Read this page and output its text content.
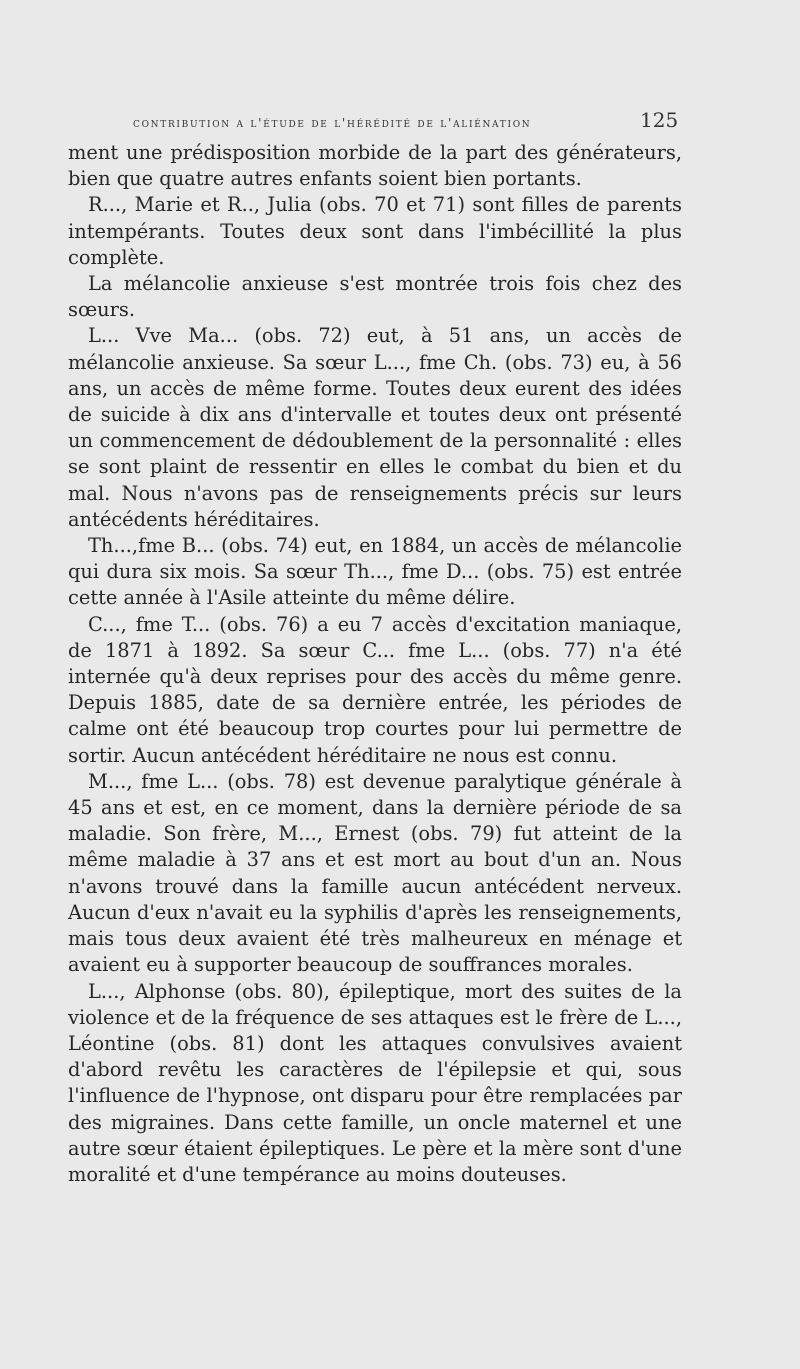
contribution a l'étude de l'hérédité de l'aliénation	125

ment une prédisposition morbide de la part des générateurs, bien que quatre autres enfants soient bien portants.

R..., Marie et R.., Julia (obs. 70 et 71) sont filles de parents intempérants. Toutes deux sont dans l'imbécillité la plus complète.

La mélancolie anxieuse s'est montrée trois fois chez des sœurs.

L... Vve Ma... (obs. 72) eut, à 51 ans, un accès de mélancolie anxieuse. Sa sœur L..., fme Ch. (obs. 73) eu, à 56 ans, un accès de même forme. Toutes deux eurent des idées de suicide à dix ans d'intervalle et toutes deux ont présenté un commencement de dédoublement de la personnalité : elles se sont plaint de ressentir en elles le combat du bien et du mal. Nous n'avons pas de renseignements précis sur leurs antécédents héréditaires.

Th...,fme B... (obs. 74) eut, en 1884, un accès de mélancolie qui dura six mois. Sa sœur Th..., fme D... (obs. 75) est entrée cette année à l'Asile atteinte du même délire.

C..., fme T... (obs. 76) a eu 7 accès d'excitation maniaque, de 1871 à 1892. Sa sœur C... fme L... (obs. 77) n'a été internée qu'à deux reprises pour des accès du même genre. Depuis 1885, date de sa dernière entrée, les périodes de calme ont été beaucoup trop courtes pour lui permettre de sortir. Aucun antécédent héréditaire ne nous est connu.

M..., fme L... (obs. 78) est devenue paralytique générale à 45 ans et est, en ce moment, dans la dernière période de sa maladie. Son frère, M..., Ernest (obs. 79) fut atteint de la même maladie à 37 ans et est mort au bout d'un an. Nous n'avons trouvé dans la famille aucun antécédent nerveux. Aucun d'eux n'avait eu la syphilis d'après les renseignements, mais tous deux avaient été très malheureux en ménage et avaient eu à supporter beaucoup de souffrances morales.

L..., Alphonse (obs. 80), épileptique, mort des suites de la violence et de la fréquence de ses attaques est le frère de L..., Léontine (obs. 81) dont les attaques convulsives avaient d'abord revêtu les caractères de l'épilepsie et qui, sous l'influence de l'hypnose, ont disparu pour être remplacées par des migraines. Dans cette famille, un oncle maternel et une autre sœur étaient épileptiques. Le père et la mère sont d'une moralité et d'une tempérance au moins douteuses.
